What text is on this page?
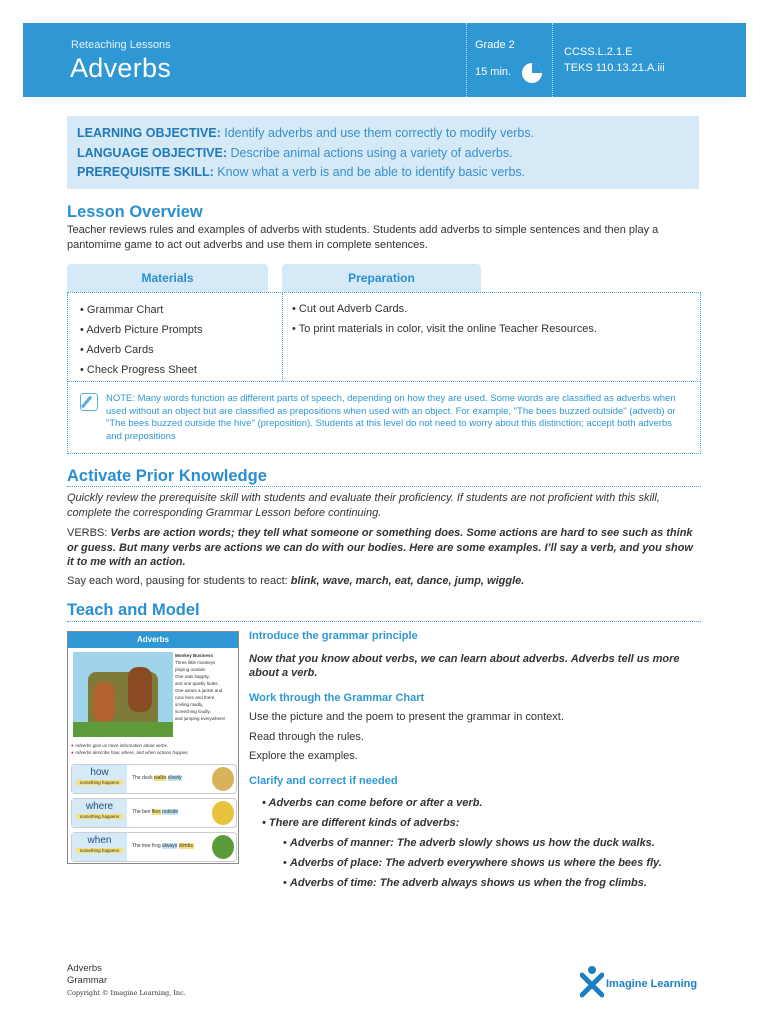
Reteaching Lessons
Adverbs
Grade 2
15 min.
CCSS.L.2.1.E
TEKS 110.13.21.A.iii
LEARNING OBJECTIVE: Identify adverbs and use them correctly to modify verbs.
LANGUAGE OBJECTIVE: Describe animal actions using a variety of adverbs.
PREREQUISITE SKILL: Know what a verb is and be able to identify basic verbs.
Lesson Overview
Teacher reviews rules and examples of adverbs with students. Students add adverbs to simple sentences and then play a pantomime game to act out adverbs and use them in complete sentences.
Materials	Preparation
• Grammar Chart
• Adverb Picture Prompts
• Adverb Cards
• Check Progress Sheet
• Cut out Adverb Cards.
• To print materials in color, visit the online Teacher Resources.
NOTE: Many words function as different parts of speech, depending on how they are used. Some words are classified as adverbs when used without an object but are classified as prepositions when used with an object. For example, "The bees buzzed outside" (adverb) or "The bees buzzed outside the hive" (preposition). Students at this level do not need to worry about this distinction; accept both adverbs and prepositions
Activate Prior Knowledge
Quickly review the prerequisite skill with students and evaluate their proficiency. If students are not proficient with this skill, complete the corresponding Grammar Lesson before continuing.
VERBS: Verbs are action words; they tell what someone or something does. Some actions are hard to see such as think or guess. But many verbs are actions we can do with our bodies. Here are some examples. I’ll say a verb, and you show it to me with an action.
Say each word, pausing for students to react: blink, wave, march, eat, dance, jump, wiggle.
Teach and Model
Adverbs
Monkey Business
Three little monkeys
playing outside.
One eats happily,
and one quietly hides.
One wears a jacket and
runs here and there,
smiling madly,
screeching loudly,
and jumping everywhere!
● Adverbs give us more information about verbs.
● Adverbs describe how, where, and when actions happen.
how
something happens
The duck walks slowly
where
something happens
The bee flies outside
when
something happens
The tree frog always climbs.
Introduce the grammar principle
Now that you know about verbs, we can learn about adverbs. Adverbs tell us more about a verb.
Work through the Grammar Chart
Use the picture and the poem to present the grammar in context.
Read through the rules.
Explore the examples.
Clarify and correct if needed
• Adverbs can come before or after a verb.
• There are different kinds of adverbs:
• Adverbs of manner: The adverb slowly shows us how the duck walks.
• Adverbs of place: The adverb everywhere shows us where the bees fly.
• Adverbs of time: The adverb always shows us when the frog climbs.
Adverbs
Grammar
Copyright © Imagine Learning, Inc.
Imagine Learning
